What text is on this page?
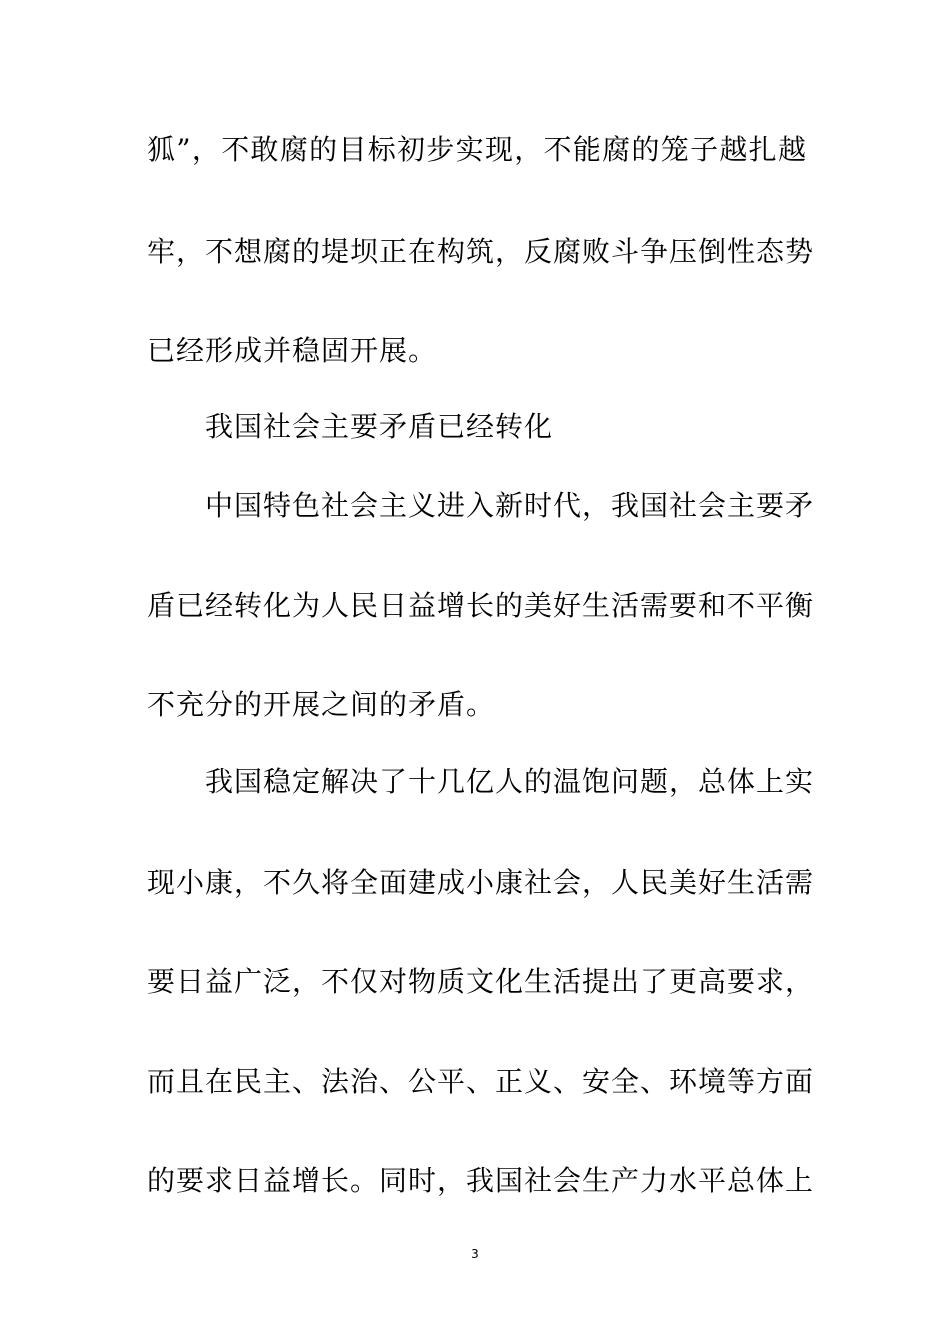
狐”，不敢腐的目标初步实现，不能腐的笼子越扎越
牢，不想腐的堤坝正在构筑，反腐败斗争压倒性态势
已经形成并稳固开展。
我国社会主要矛盾已经转化
中国特色社会主义进入新时代，我国社会主要矛
盾已经转化为人民日益增长的美好生活需要和不平衡
不充分的开展之间的矛盾。
我国稳定解决了十几亿人的温饱问题，总体上实
现小康，不久将全面建成小康社会，人民美好生活需
要日益广泛，不仅对物质文化生活提出了更高要求，
而且在民主、法治、公平、正义、安全、环境等方面
的要求日益增长。同时，我国社会生产力水平总体上
3
